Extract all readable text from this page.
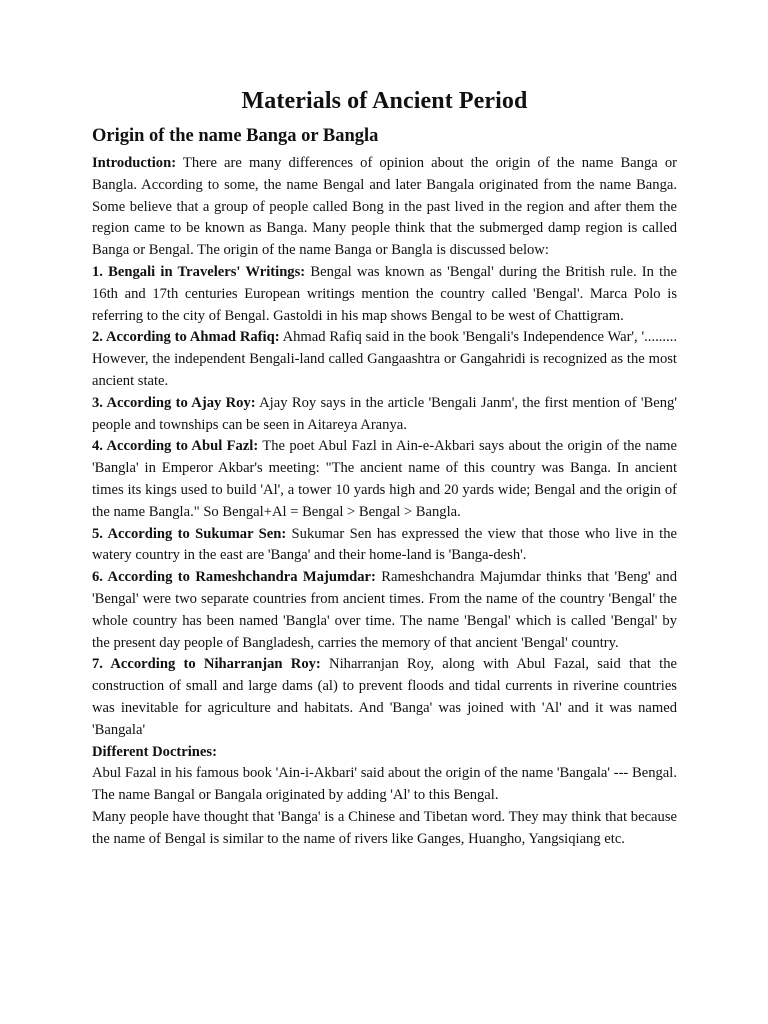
Materials of Ancient Period
Origin of the name Banga or Bangla

Introduction: There are many differences of opinion about the origin of the name Banga or Bangla. According to some, the name Bengal and later Bangala originated from the name Banga. Some believe that a group of people called Bong in the past lived in the region and after them the region came to be known as Banga. Many people think that the submerged damp region is called Banga or Bengal. The origin of the name Banga or Bangla is discussed below:

1. Bengali in Travelers' Writings: Bengal was known as 'Bengal' during the British rule. In the 16th and 17th centuries European writings mention the country called 'Bengal'. Marca Polo is referring to the city of Bengal. Gastoldi in his map shows Bengal to be west of Chattigram.

2. According to Ahmad Rafiq: Ahmad Rafiq said in the book 'Bengali's Independence War', '......... However, the independent Bengali-land called Gangaashtra or Gangahridi is recognized as the most ancient state.

3. According to Ajay Roy: Ajay Roy says in the article 'Bengali Janm', the first mention of 'Beng' people and townships can be seen in Aitareya Aranya.

4. According to Abul Fazl: The poet Abul Fazl in Ain-e-Akbari says about the origin of the name 'Bangla' in Emperor Akbar's meeting: "The ancient name of this country was Banga. In ancient times its kings used to build 'Al', a tower 10 yards high and 20 yards wide; Bengal and the origin of the name Bangla." So Bengal+Al = Bengal > Bengal > Bangla.

5. According to Sukumar Sen: Sukumar Sen has expressed the view that those who live in the watery country in the east are 'Banga' and their home-land is 'Banga-desh'.

6. According to Rameshchandra Majumdar: Rameshchandra Majumdar thinks that 'Beng' and 'Bengal' were two separate countries from ancient times. From the name of the country 'Bengal' the whole country has been named 'Bangla' over time. The name 'Bengal' which is called 'Bengal' by the present day people of Bangladesh, carries the memory of that ancient 'Bengal' country.

7. According to Niharranjan Roy: Niharranjan Roy, along with Abul Fazal, said that the construction of small and large dams (al) to prevent floods and tidal currents in riverine countries was inevitable for agriculture and habitats. And 'Banga' was joined with 'Al' and it was named 'Bangala'

Different Doctrines:

Abul Fazal in his famous book 'Ain-i-Akbari' said about the origin of the name 'Bangala' --- Bengal. The name Bangal or Bangala originated by adding 'Al' to this Bengal.

Many people have thought that 'Banga' is a Chinese and Tibetan word. They may think that because the name of Bengal is similar to the name of rivers like Ganges, Huangho, Yangsiqiang etc.
